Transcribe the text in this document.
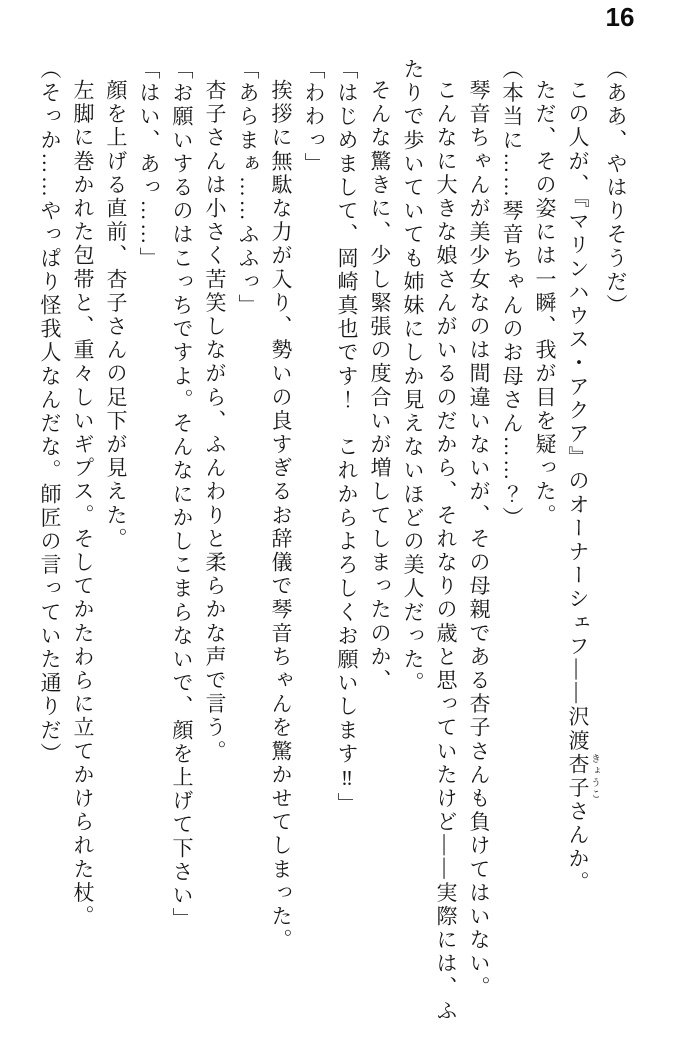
16

（ああ、やはりそうだ）

この人が、『マリンハウス・アクア』のオーナーシェフ――沢渡杏子 きょうこさんか。

ただ、その姿には一瞬、我が目を疑った。

（本当に……琴音ちゃんのお母さん……？）

琴音ちゃんが美少女なのは間違いないが、その母親である杏子さんも負けてはいない。

こんなに大きな娘さんがいるのだから、それなりの歳と思っていたけど――実際には、ふたりで歩いていても姉妹にしか見えないほどの美人だった。

そんな驚きに、少し緊張の度合いが増してしまったのか、

「はじめまして、岡崎真也です！　これからよろしくお願いします‼」

「わわっ」

挨拶に無駄な力が入り、勢いの良すぎるお辞儀で琴音ちゃんを驚かせてしまった。

「あらまぁ……ふふっ」

杏子さんは小さく苦笑しながら、ふんわりと柔らかな声で言う。

「お願いするのはこっちですよ。そんなにかしこまらないで、顔を上げて下さい」

「はい、あっ……」

顔を上げる直前、杏子さんの足下が見えた。

左脚に巻かれた包帯と、重々しいギプス。そしてかたわらに立てかけられた杖。

（そっか……やっぱり怪我人なんだな。師匠の言っていた通りだ）
